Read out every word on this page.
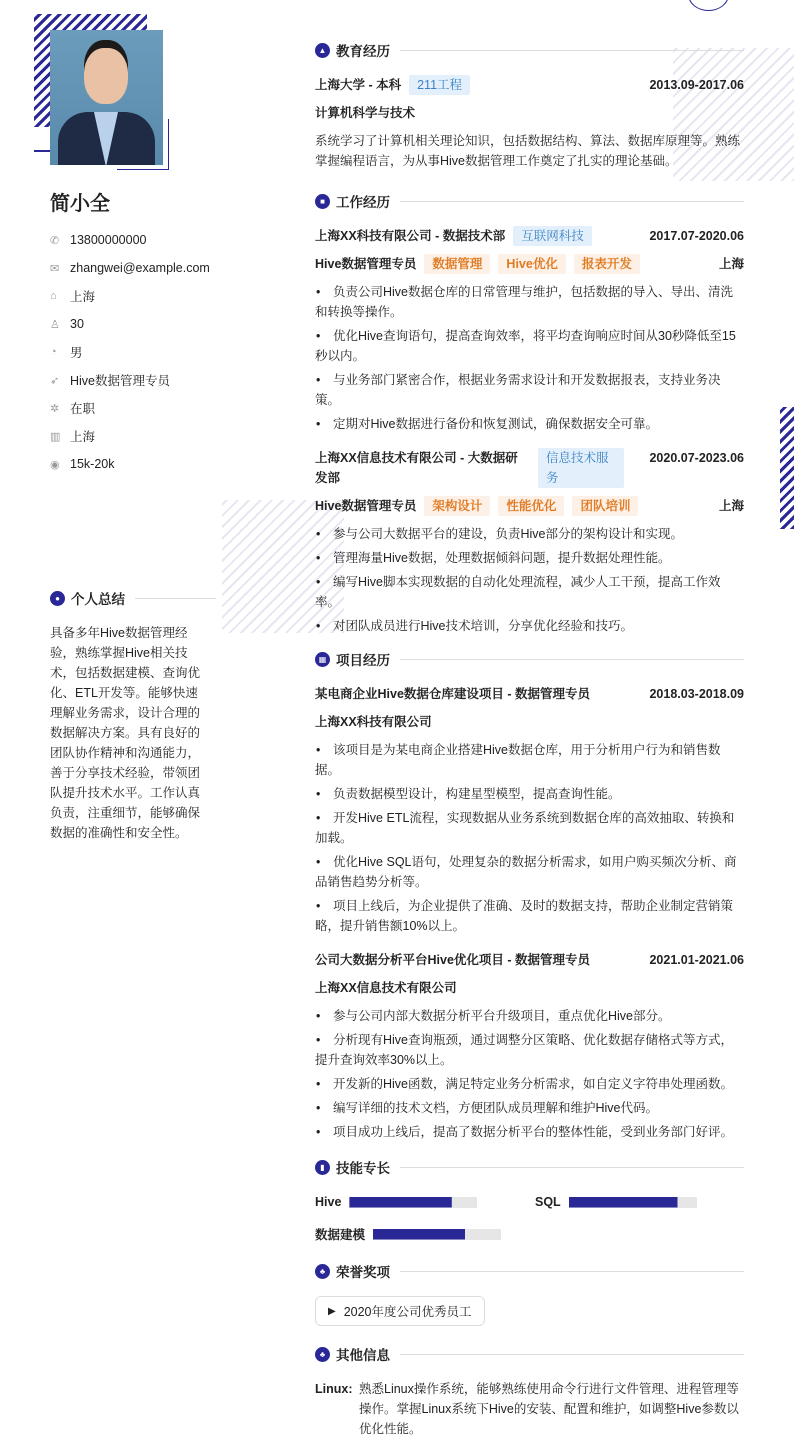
简小全
✆ 13800000000
✉ zhangwei@example.com
⌂	上海
♙ 30
◔	男
➶ Hive数据管理专员
✲ 在职
▥ 上海
◉ 15k-20k
● 个人总结

具备多年Hive数据管理经验，熟练掌握Hive相关技术，包括数据建模、查询优化、ETL开发等。能够快速理解业务需求，设计合理的数据解决方案。具有良好的团队协作精神和沟通能力，善于分享技术经验，带领团队提升技术水平。工作认真负责，注重细节，能够确保数据的准确性和安全性。

▲ 教育经历
上海大学 - 本科	211工程	2013.09-2017.06
计算机科学与技术
系统学习了计算机相关理论知识，包括数据结构、算法、数据库原理等。熟练掌握编程语言，为从事Hive数据管理工作奠定了扎实的理论基础。
■ 工作经历
上海XX科技有限公司 - 数据技术部	互联网科技	2017.07-2020.06
Hive数据管理专员	数据管理	Hive优化	报表开发	上海
• 负责公司Hive数据仓库的日常管理与维护，包括数据的导入、导出、清洗和转换等操作。
• 优化Hive查询语句，提高查询效率，将平均查询响应时间从30秒降低至15秒以内。
• 与业务部门紧密合作，根据业务需求设计和开发数据报表，支持业务决策。
• 定期对Hive数据进行备份和恢复测试，确保数据安全可靠。
上海XX信息技术有限公司 - 大数据研发部
信息技术服务
2020.07-2023.06
Hive数据管理专员	架构设计	性能优化	团队培训	上海
• 参与公司大数据平台的建设，负责Hive部分的架构设计和实现。
• 管理海量Hive数据，处理数据倾斜问题，提升数据处理性能。
• 编写Hive脚本实现数据的自动化处理流程，减少人工干预，提高工作效率。
• 对团队成员进行Hive技术培训，分享优化经验和技巧。
▦ 项目经历
某电商企业Hive数据仓库建设项目 - 数据管理专员	2018.03-2018.09
上海XX科技有限公司
• 该项目是为某电商企业搭建Hive数据仓库，用于分析用户行为和销售数据。
• 负责数据模型设计，构建星型模型，提高查询性能。
• 开发Hive ETL流程，实现数据从业务系统到数据仓库的高效抽取、转换和加载。
• 优化Hive SQL语句，处理复杂的数据分析需求，如用户购买频次分析、商品销售趋势分析等。
• 项目上线后，为企业提供了准确、及时的数据支持，帮助企业制定营销策略，提升销售额10%以上。
公司大数据分析平台Hive优化项目 - 数据管理专员	2021.01-2021.06
上海XX信息技术有限公司
• 参与公司内部大数据分析平台升级项目，重点优化Hive部分。
• 分析现有Hive查询瓶颈，通过调整分区策略、优化数据存储格式等方式，提升查询效率30%以上。
• 开发新的Hive函数，满足特定业务分析需求，如自定义字符串处理函数。
• 编写详细的技术文档，方便团队成员理解和维护Hive代码。
• 项目成功上线后，提高了数据分析平台的整体性能，受到业务部门好评。
▮ 技能专长
Hive	SQL
数据建模
♣ 荣誉奖项
▶ 2020年度公司优秀员工
♣ 其他信息
Linux: 熟悉Linux操作系统，能够熟练使用命令行进行文件管理、进程管理等操作。掌握Linux系统下Hive的安装、配置和维护，如调整Hive参数以优化性能。
